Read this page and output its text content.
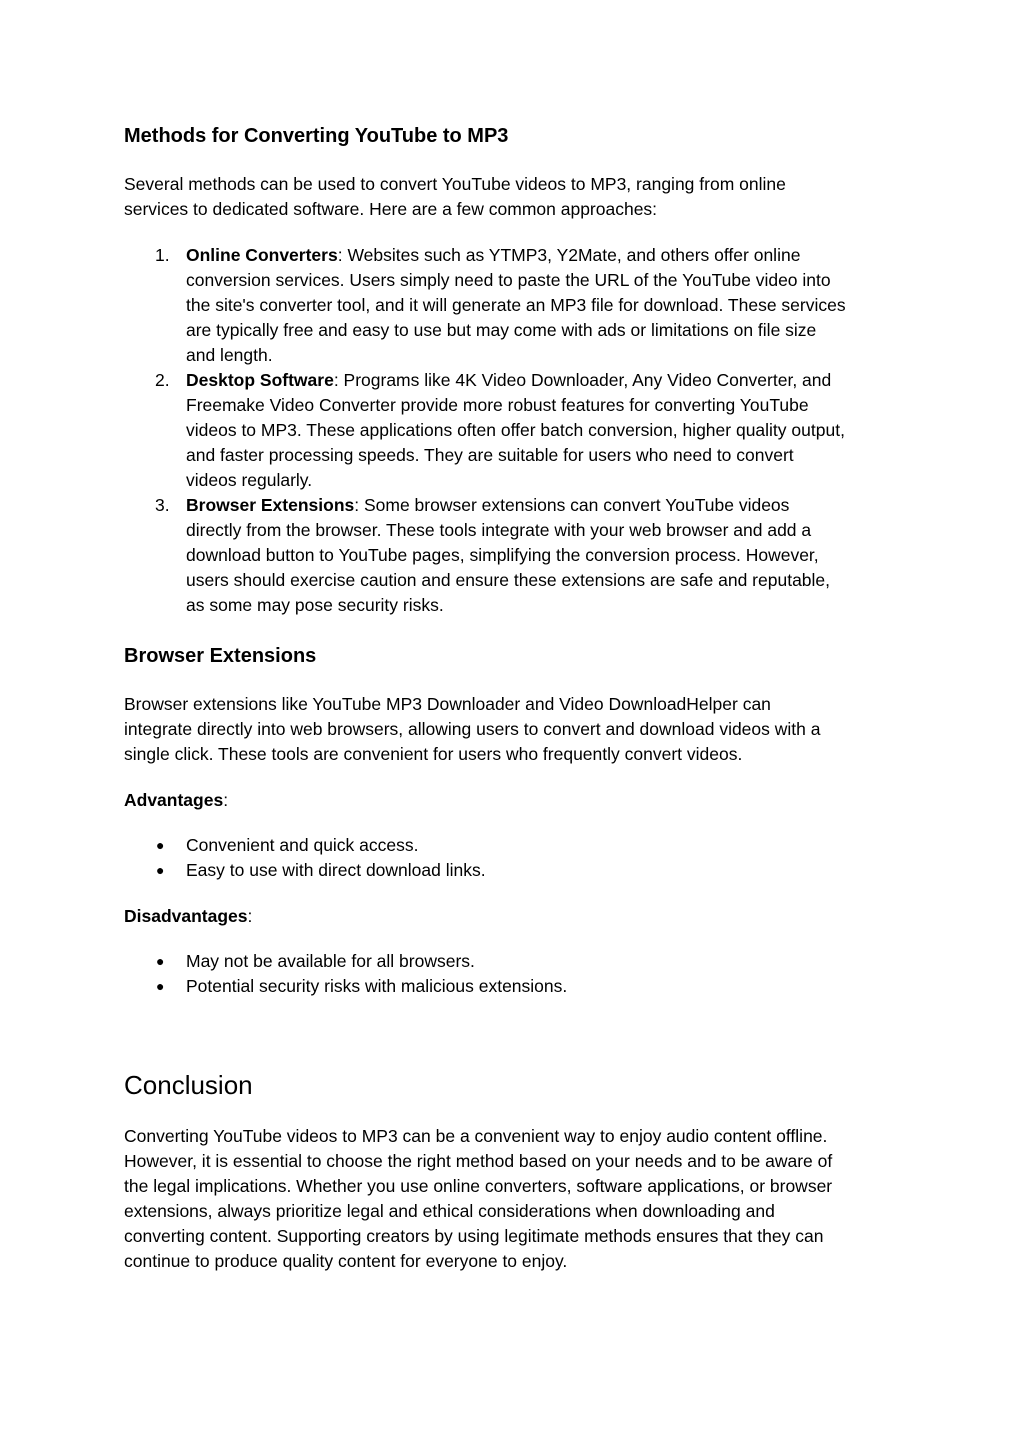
Methods for Converting YouTube to MP3

Several methods can be used to convert YouTube videos to MP3, ranging from online
services to dedicated software. Here are a few common approaches:

1. Online Converters: Websites such as YTMP3, Y2Mate, and others offer online
conversion services. Users simply need to paste the URL of the YouTube video into
the site's converter tool, and it will generate an MP3 file for download. These services
are typically free and easy to use but may come with ads or limitations on file size
and length.
2. Desktop Software: Programs like 4K Video Downloader, Any Video Converter, and
Freemake Video Converter provide more robust features for converting YouTube
videos to MP3. These applications often offer batch conversion, higher quality output,
and faster processing speeds. They are suitable for users who need to convert
videos regularly.
3. Browser Extensions: Some browser extensions can convert YouTube videos
directly from the browser. These tools integrate with your web browser and add a
download button to YouTube pages, simplifying the conversion process. However,
users should exercise caution and ensure these extensions are safe and reputable,
as some may pose security risks.
Browser Extensions

Browser extensions like YouTube MP3 Downloader and Video DownloadHelper can
integrate directly into web browsers, allowing users to convert and download videos with a
single click. These tools are convenient for users who frequently convert videos.

Advantages:

● Convenient and quick access.
● Easy to use with direct download links.

Disadvantages:

● May not be available for all browsers.
● Potential security risks with malicious extensions.
Conclusion

Converting YouTube videos to MP3 can be a convenient way to enjoy audio content offline.
However, it is essential to choose the right method based on your needs and to be aware of
the legal implications. Whether you use online converters, software applications, or browser
extensions, always prioritize legal and ethical considerations when downloading and
converting content. Supporting creators by using legitimate methods ensures that they can
continue to produce quality content for everyone to enjoy.
